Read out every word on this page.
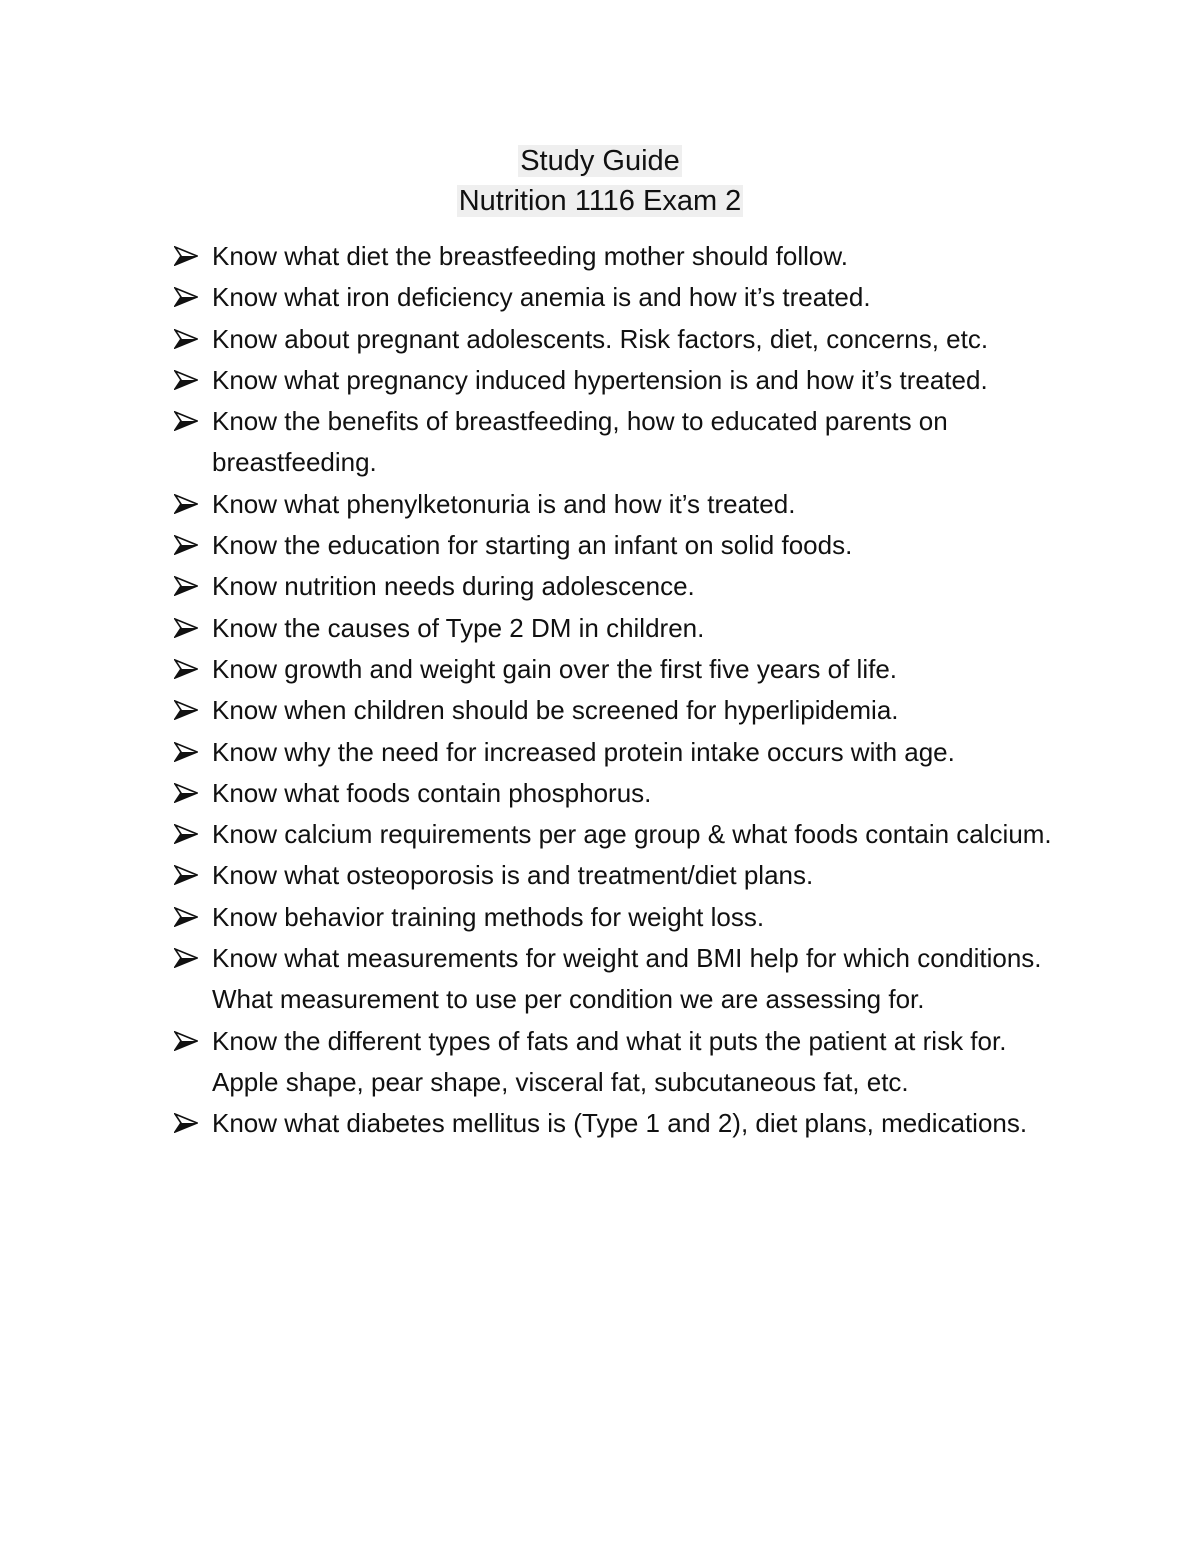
Study Guide
Nutrition 1116 Exam 2
Know what diet the breastfeeding mother should follow.
Know what iron deficiency anemia is and how it’s treated.
Know about pregnant adolescents. Risk factors, diet, concerns, etc.
Know what pregnancy induced hypertension is and how it’s treated.
Know the benefits of breastfeeding, how to educated parents on breastfeeding.
Know what phenylketonuria is and how it’s treated.
Know the education for starting an infant on solid foods.
Know nutrition needs during adolescence.
Know the causes of Type 2 DM in children.
Know growth and weight gain over the first five years of life.
Know when children should be screened for hyperlipidemia.
Know why the need for increased protein intake occurs with age.
Know what foods contain phosphorus.
Know calcium requirements per age group & what foods contain calcium.
Know what osteoporosis is and treatment/diet plans.
Know behavior training methods for weight loss.
Know what measurements for weight and BMI help for which conditions. What measurement to use per condition we are assessing for.
Know the different types of fats and what it puts the patient at risk for. Apple shape, pear shape, visceral fat, subcutaneous fat, etc.
Know what diabetes mellitus is (Type 1 and 2), diet plans, medications.
